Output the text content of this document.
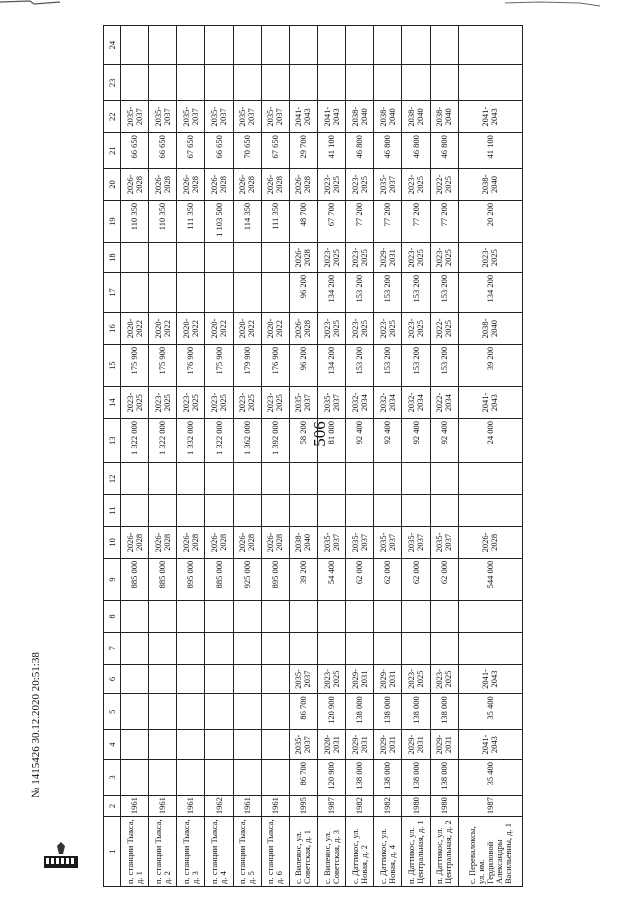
506
№ 1415426 30.12.2020 20:51:38
1	2	3	4	5	6	7	8	9	10	11	12	13	14	15	16	17	18	19	20	21	22	23	24
п. станции Тыкса, д. 1	1961							885 000	2026-2028			1 322 000	2023-2025	175 900	2020-2022			110 350	2026-2028	66 650	2035-2037		
п. станции Тыкса, д. 2	1961							885 000	2026-2028			1 322 000	2023-2025	175 900	2020-2022			110 350	2026-2028	66 650	2035-2037		
п. станции Тыкса, д. 3	1961							895 000	2026-2028			1 332 000	2023-2025	176 900	2020-2022			111 350	2026-2028	67 650	2035-2037		
п. станции Тыкса, д. 4	1962							885 000	2026-2028			1 322 000	2023-2025	175 900	2020-2022			1 103 500	2026-2028	66 650	2035-2037		
п. станции Тыкса, д. 5	1961							925 000	2026-2028			1 362 000	2023-2025	179 900	2020-2022			114 350	2026-2028	70 650	2035-2037		
п. станции Тыкса, д. 6	1961							895 000	2026-2028			1 392 000	2023-2025	176 900	2020-2022			111 350	2026-2028	67 650	2035-2037		
с. Вилеяос, ул. Советская, д. 1	1995	86 700	2035-2037	86 700	2035-2037			39 200	2038-2040			58 200	2035-2037	96 200	2026-2028	96 200	2026-2028	48 700	2026-2028	29 700	2041-2043		
с. Вилеяос, ул. Советская, д. 3	1987	120 900	2020-2031	120 900	2023-2025			54 400	2035-2037			81 000	2035-2037	134 200	2023-2025	134 200	2023-2025	67 700	2023-2025	41 100	2041-2043		
с. Даттикос, ул. Новая, д. 2	1982	138 000	2029-2031	138 000	2029-2031			62 000	2035-2037			92 400	2032-2034	153 200	2023-2025	153 200	2023-2025	77 200	2023-2025	46 800	2038-2040		
с. Даттикос, ул. Новая, д. 4	1982	138 000	2029-2031	138 000	2029-2031			62 000	2035-2037			92 400	2032-2034	153 200	2023-2025	153 200	2029-2031	77 200	2035-2037	46 800	2038-2040		
п. Даттикос, ул. Центральная, д. 1	1980	138 000	2029-2031	138 000	2023-2025			62 000	2035-2037			92 400	2032-2034	153 200	2023-2025	153 200	2023-2025	77 200	2023-2025	46 800	2038-2040		
п. Даттикос, ул. Центральная, д. 2	1980	138 000	2029-2031	138 000	2023-2025			62 000	2035-2037			92 400	2022-2034	153 200	2022-2025	153 200	2023-2025	77 200	2022-2025	46 800	2038-2040		
с. Перевалоксы, ул. им. Гердиловой Александры Васильевны, д. 1	1987	35 400	2041-2043	35 400	2041-2043			544 000	2026-2028			24 000	2041-2043	39 200	2038-2040	134 200	2023-2025	20 200	2038-2040	41 100	2041-2043		
